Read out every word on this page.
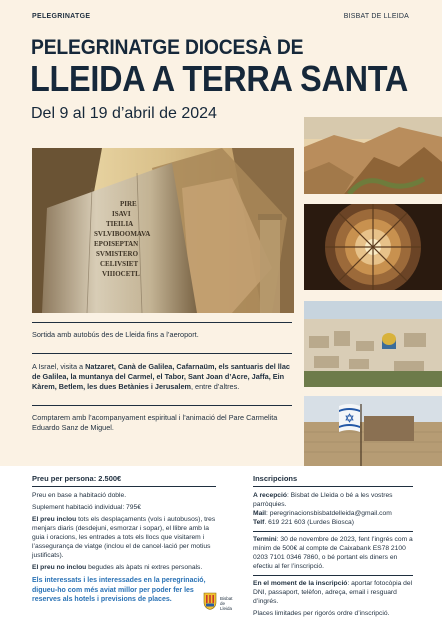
PELEGRINATGE	BISBAT DE LLEIDA
PELEGRINATGE DIOCESÀ DE
LLEIDA A TERRA SANTA
Del 9 al 19 d’abril de 2024
PIRE
ISAVI
TIEILIA
SVLVIBOOMAVA
EPOISEPTAN
SVMISTERO
CELIVSIET
VIIIOCETL
Sortida amb autobús des de Lleida fins a l’aeroport.
A Israel, visita a Natzaret, Canà de Galilea, Cafarnaüm, els santuaris del llac de Galilea, la muntanya del Carmel, el Tabor, Sant Joan d’Acre, Jaffa, Ein Kàrem, Betlem, les dues Betànies i Jerusalem, entre d’altres.
Comptarem amb l’acompanyament espiritual i l’animació del Pare Carmelita Eduardo Sanz de Miguel.
Preu per persona: 2.500€

Preu en base a habitació doble.

Suplement habitació individual: 795€

El preu inclou tots els desplaçaments (vols i autobusos), tres menjars diaris (desdejuni, esmorzar i sopar), el llibre amb la guia i oracions, les entrades a tots els llocs que visitarem i l’assegurança de viatge (inclou el de cancel·lació per motius justificats).

El preu no inclou begudes als àpats ni extres personals.

Els interessats i les interessades en la peregrinació, digueu-ho com més aviat millor per poder fer les reserves als hotels i previsions de places.	Bisbat
de
Lleida
Inscripcions

A recepció: Bisbat de Lleida o bé a les vostres parròquies.
Mail: peregrinacionsbisbatdelleida@gmail.com
Telf. 619 221 603 (Lurdes Biosca)

Termini: 30 de novembre de 2023, fent l’ingrés com a mínim de 500€ al compte de Caixabank ES78 2100 0203 7101 0346 7860, o bé portant els diners en efectiu al fer l’inscripció.

En el moment de la inscripció: aportar fotocòpia del DNI, passaport, telèfon, adreça, email i resguard d’ingrés.

Places limitades per rigorós ordre d’inscripció.
